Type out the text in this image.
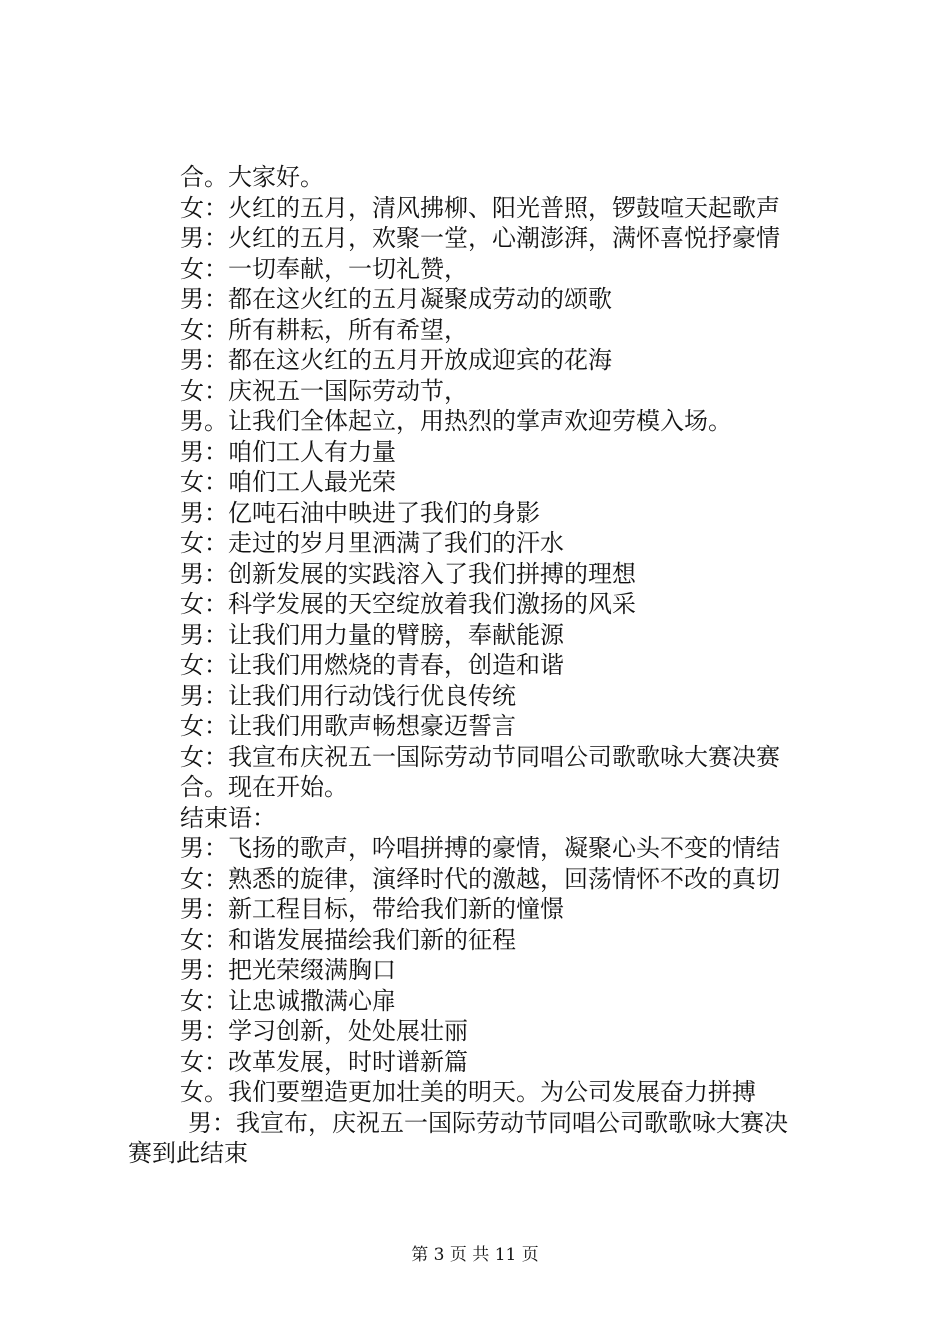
合。大家好。
女：火红的五月，清风拂柳、阳光普照，锣鼓喧天起歌声
男：火红的五月，欢聚一堂，心潮澎湃，满怀喜悦抒豪情
女：一切奉献，一切礼赞，
男：都在这火红的五月凝聚成劳动的颂歌
女：所有耕耘，所有希望，
男：都在这火红的五月开放成迎宾的花海
女：庆祝五一国际劳动节，
男。让我们全体起立，用热烈的掌声欢迎劳模入场。
男：咱们工人有力量
女：咱们工人最光荣
男：亿吨石油中映进了我们的身影
女：走过的岁月里洒满了我们的汗水
男：创新发展的实践溶入了我们拼搏的理想
女：科学发展的天空绽放着我们激扬的风采
男：让我们用力量的臂膀，奉献能源
女：让我们用燃烧的青春，创造和谐
男：让我们用行动饯行优良传统
女：让我们用歌声畅想豪迈誓言
女：我宣布庆祝五一国际劳动节同唱公司歌歌咏大赛决赛
合。现在开始。
结束语：
男：飞扬的歌声，吟唱拼搏的豪情，凝聚心头不变的情结
女：熟悉的旋律，演绎时代的激越，回荡情怀不改的真切
男：新工程目标，带给我们新的憧憬
女：和谐发展描绘我们新的征程
男：把光荣缀满胸口
女：让忠诚撒满心扉
男：学习创新，处处展壮丽
女：改革发展，时时谱新篇
女。我们要塑造更加壮美的明天。为公司发展奋力拼搏
男：我宣布，庆祝五一国际劳动节同唱公司歌歌咏大赛决
赛到此结束
第 3 页 共 11 页
